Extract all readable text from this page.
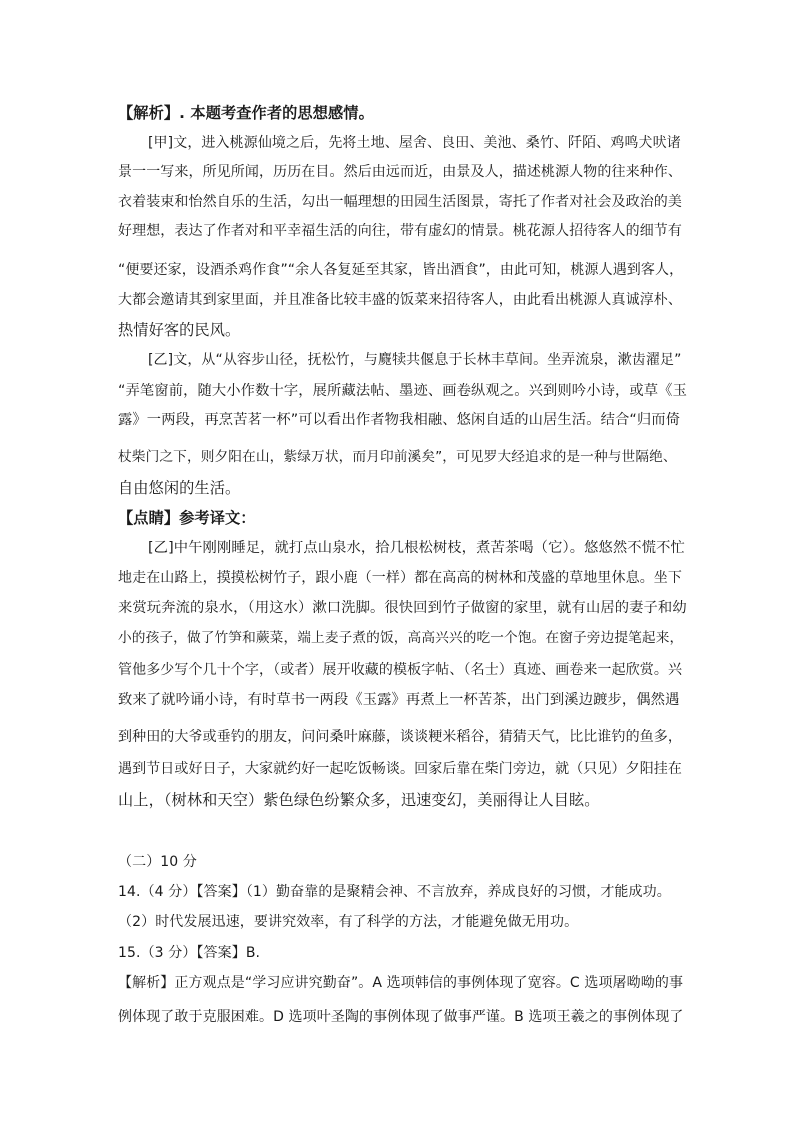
【解析】. 本题考查作者的思想感情。
[甲]文，进入桃源仙境之后，先将土地、屋舍、良田、美池、桑竹、阡陌、鸡鸣犬吠诸
景一一写来，所见所闻，历历在目。然后由远而近，由景及人，描述桃源人物的往来种作、
衣着装束和怡然自乐的生活，勾出一幅理想的田园生活图景，寄托了作者对社会及政治的美
好理想，表达了作者对和平幸福生活的向往，带有虚幻的情景。桃花源人招待客人的细节有
“便要还家，设酒杀鸡作食”“余人各复延至其家，皆出酒食”，由此可知，桃源人遇到客人，
大都会邀请其到家里面，并且准备比较丰盛的饭菜来招待客人，由此看出桃源人真诚淳朴、
热情好客的民风。
[乙]文，从“从容步山径，抚松竹，与麑犊共偃息于长林丰草间。坐弄流泉，漱齿濯足”
“弄笔窗前，随大小作数十字，展所藏法帖、墨迹、画卷纵观之。兴到则吟小诗，或草《玉
露》一两段，再烹苦茗一杯”可以看出作者物我相融、悠闲自适的山居生活。结合“归而倚
杖柴门之下，则夕阳在山，紫绿万状，而月印前溪矣”，可见罗大经追求的是一种与世隔绝、
自由悠闲的生活。
【点睛】参考译文：
[乙]中午刚刚睡足，就打点山泉水，拾几根松树枝，煮苦茶喝（它）。悠悠然不慌不忙
地走在山路上，摸摸松树竹子，跟小鹿（一样）都在高高的树林和茂盛的草地里休息。坐下
来赏玩奔流的泉水，（用这水）漱口洗脚。很快回到竹子做窗的家里，就有山居的妻子和幼
小的孩子，做了竹笋和蕨菜，端上麦子煮的饭，高高兴兴的吃一个饱。在窗子旁边提笔起来，
管他多少写个几十个字，（或者）展开收藏的模板字帖、（名士）真迹、画卷来一起欣赏。兴
致来了就吟诵小诗，有时草书一两段《玉露》再煮上一杯苦茶，出门到溪边踱步，偶然遇
到种田的大爷或垂钓的朋友，问问桑叶麻藤，谈谈粳米稻谷，猜猜天气，比比谁钓的鱼多，
遇到节日或好日子，大家就约好一起吃饭畅谈。回家后靠在柴门旁边，就（只见）夕阳挂在
山上，（树林和天空）紫色绿色纷繁众多，迅速变幻，美丽得让人目眩。
（二）10 分
14.（4 分）【答案】（1）勤奋靠的是聚精会神、不言放弃，养成良好的习惯，才能成功。
（2）时代发展迅速，要讲究效率，有了科学的方法，才能避免做无用功。
15.（3 分）【答案】B.
【解析】正方观点是“学习应讲究勤奋”。A 选项韩信的事例体现了宽容。C 选项屠呦呦的事
例体现了敢于克服困难。D 选项叶圣陶的事例体现了做事严谨。B 选项王羲之的事例体现了
